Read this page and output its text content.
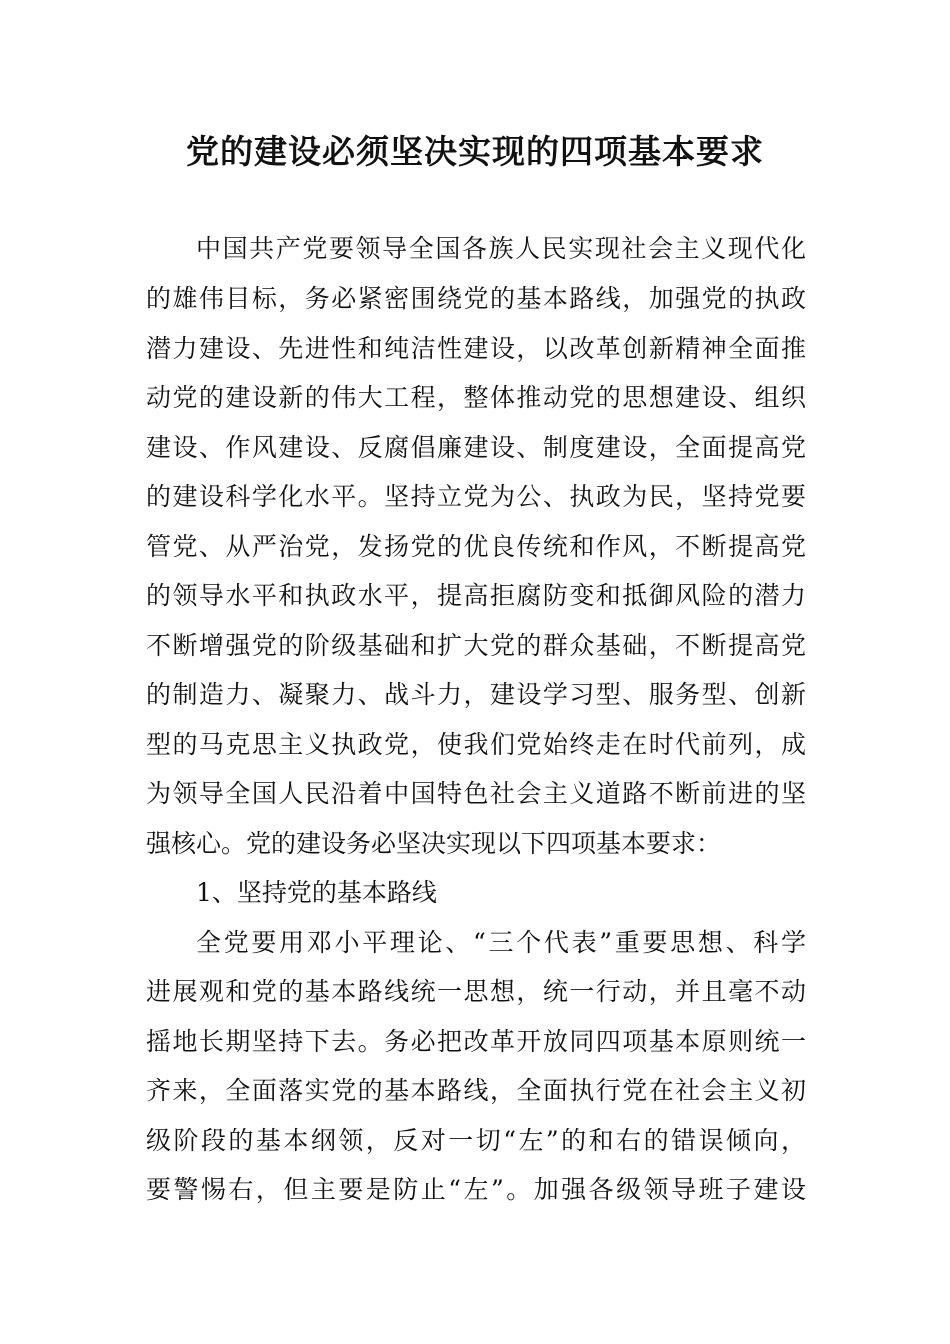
党的建设必须坚决实现的四项基本要求
中国共产党要领导全国各族人民实现社会主义现代化
的雄伟目标，务必紧密围绕党的基本路线，加强党的执政
潜力建设、先进性和纯洁性建设，以改革创新精神全面推
动党的建设新的伟大工程，整体推动党的思想建设、组织
建设、作风建设、反腐倡廉建设、制度建设，全面提高党
的建设科学化水平。坚持立党为公、执政为民，坚持党要
管党、从严治党，发扬党的优良传统和作风，不断提高党
的领导水平和执政水平，提高拒腐防变和抵御风险的潜力
不断增强党的阶级基础和扩大党的群众基础，不断提高党
的制造力、凝聚力、战斗力，建设学习型、服务型、创新
型的马克思主义执政党，使我们党始终走在时代前列，成
为领导全国人民沿着中国特色社会主义道路不断前进的坚
强核心。党的建设务必坚决实现以下四项基本要求：
1、坚持党的基本路线
全党要用邓小平理论、“三个代表”重要思想、科学
进展观和党的基本路线统一思想，统一行动，并且毫不动
摇地长期坚持下去。务必把改革开放同四项基本原则统一
齐来，全面落实党的基本路线，全面执行党在社会主义初
级阶段的基本纲领，反对一切“左”的和右的错误倾向，
要警惕右，但主要是防止“左”。加强各级领导班子建设
